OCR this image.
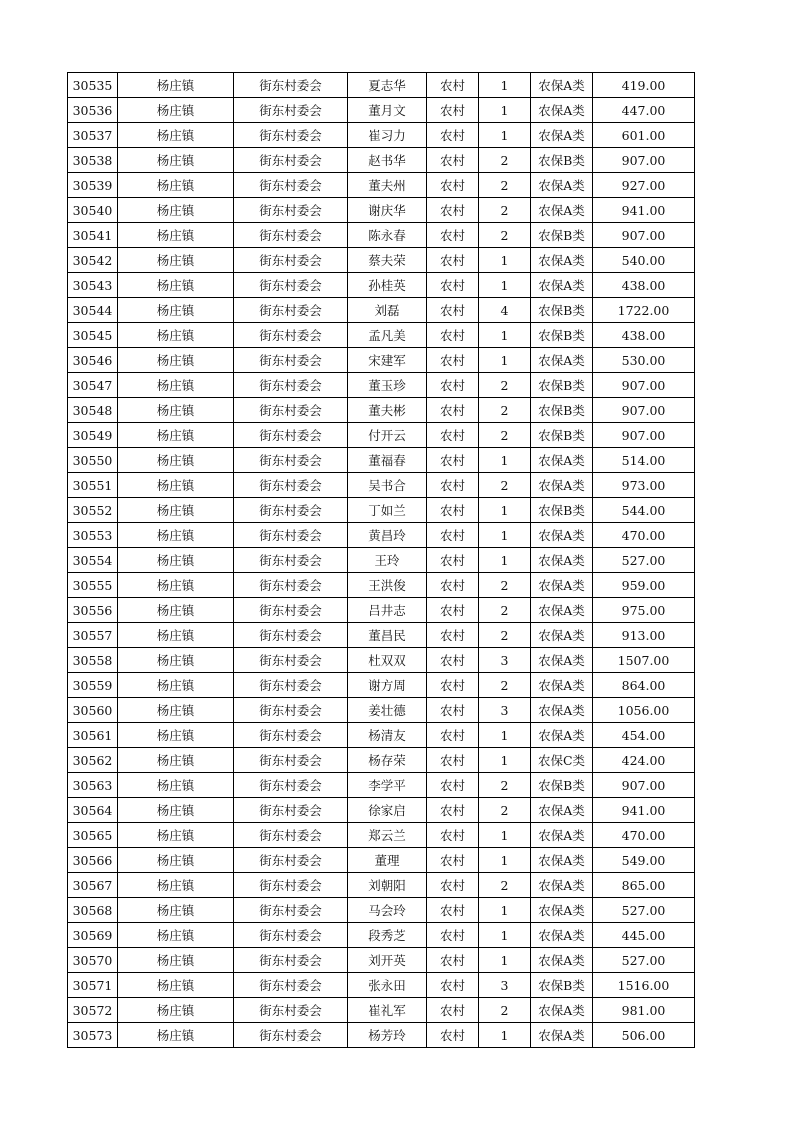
30535	杨庄镇	街东村委会	夏志华	农村	1	农保A类	419.00
30536	杨庄镇	街东村委会	董月文	农村	1	农保A类	447.00
30537	杨庄镇	街东村委会	崔习力	农村	1	农保A类	601.00
30538	杨庄镇	街东村委会	赵书华	农村	2	农保B类	907.00
30539	杨庄镇	街东村委会	董夫州	农村	2	农保A类	927.00
30540	杨庄镇	街东村委会	谢庆华	农村	2	农保A类	941.00
30541	杨庄镇	街东村委会	陈永春	农村	2	农保B类	907.00
30542	杨庄镇	街东村委会	蔡夫荣	农村	1	农保A类	540.00
30543	杨庄镇	街东村委会	孙桂英	农村	1	农保A类	438.00
30544	杨庄镇	街东村委会	刘磊	农村	4	农保B类	1722.00
30545	杨庄镇	街东村委会	孟凡美	农村	1	农保B类	438.00
30546	杨庄镇	街东村委会	宋建军	农村	1	农保A类	530.00
30547	杨庄镇	街东村委会	董玉珍	农村	2	农保B类	907.00
30548	杨庄镇	街东村委会	董夫彬	农村	2	农保B类	907.00
30549	杨庄镇	街东村委会	付开云	农村	2	农保B类	907.00
30550	杨庄镇	街东村委会	董福春	农村	1	农保A类	514.00
30551	杨庄镇	街东村委会	吴书合	农村	2	农保A类	973.00
30552	杨庄镇	街东村委会	丁如兰	农村	1	农保B类	544.00
30553	杨庄镇	街东村委会	黄昌玲	农村	1	农保A类	470.00
30554	杨庄镇	街东村委会	王玲	农村	1	农保A类	527.00
30555	杨庄镇	街东村委会	王洪俊	农村	2	农保A类	959.00
30556	杨庄镇	街东村委会	吕井志	农村	2	农保A类	975.00
30557	杨庄镇	街东村委会	董昌民	农村	2	农保A类	913.00
30558	杨庄镇	街东村委会	杜双双	农村	3	农保A类	1507.00
30559	杨庄镇	街东村委会	谢方周	农村	2	农保A类	864.00
30560	杨庄镇	街东村委会	姜壮德	农村	3	农保A类	1056.00
30561	杨庄镇	街东村委会	杨清友	农村	1	农保A类	454.00
30562	杨庄镇	街东村委会	杨存荣	农村	1	农保C类	424.00
30563	杨庄镇	街东村委会	李学平	农村	2	农保B类	907.00
30564	杨庄镇	街东村委会	徐家启	农村	2	农保A类	941.00
30565	杨庄镇	街东村委会	郑云兰	农村	1	农保A类	470.00
30566	杨庄镇	街东村委会	董理	农村	1	农保A类	549.00
30567	杨庄镇	街东村委会	刘朝阳	农村	2	农保A类	865.00
30568	杨庄镇	街东村委会	马会玲	农村	1	农保A类	527.00
30569	杨庄镇	街东村委会	段秀芝	农村	1	农保A类	445.00
30570	杨庄镇	街东村委会	刘开英	农村	1	农保A类	527.00
30571	杨庄镇	街东村委会	张永田	农村	3	农保B类	1516.00
30572	杨庄镇	街东村委会	崔礼军	农村	2	农保A类	981.00
30573	杨庄镇	街东村委会	杨芳玲	农村	1	农保A类	506.00
